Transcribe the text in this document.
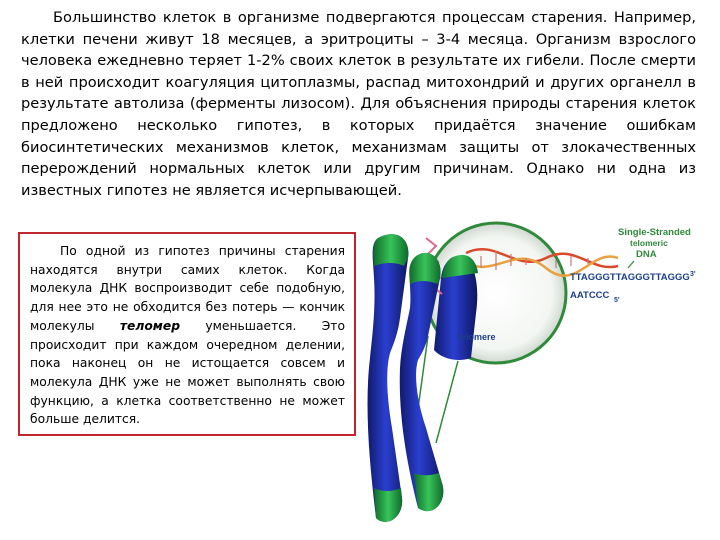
Большинство клеток в организме подвергаются процессам старения. Например, клетки печени живут 18 месяцев, а эритроциты – 3-4 месяца. Организм взрослого человека ежедневно теряет 1-2% своих клеток в результате их гибели. После смерти в ней происходит коагуляция цитоплазмы, распад митохондрий и других органелл в результате автолиза (ферменты лизосом). Для объяснения природы старения клеток предложено несколько гипотез, в которых придаётся значение ошибкам биосинтетических механизмов клеток, механизмам защиты от злокачественных перерождений нормальных клеток или другим причинам. Однако ни одна из известных гипотез не является исчерпывающей.

По одной из гипотез причины старения находятся внутри самих клеток. Когда молекула ДНК воспроизводит себе подобную, для нее это не обходится без потерь — кончик молекулы теломер уменьшается. Это происходит при каждом очередном делении, пока наконец он не истощается совсем и молекула ДНК уже не может выполнять свою функцию, а клетка соответственно не может больше делится.

Single-Stranded
telomeric
DNA
TTAGGGTTAGGGTTAGGG 3'
AATCCC 5'
telomere
